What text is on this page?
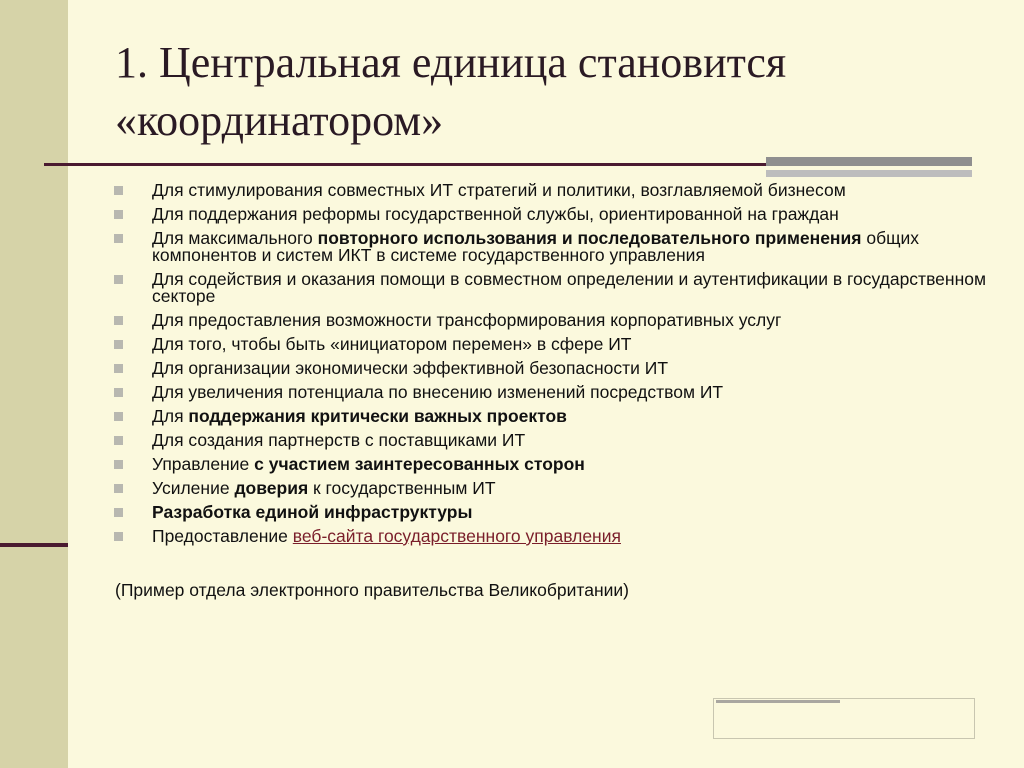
1. Центральная единица становится «координатором»
Для стимулирования совместных ИТ стратегий и политики, возглавляемой бизнесом
Для поддержания реформы государственной службы, ориентированной на граждан
Для максимального повторного использования и последовательного применения общих компонентов и систем ИКТ в системе государственного управления
Для содействия и оказания помощи в совместном определении и аутентификации в государственном секторе
Для предоставления возможности трансформирования корпоративных услуг
Для того, чтобы быть «инициатором перемен» в сфере ИТ
Для организации экономически эффективной безопасности ИТ
Для увеличения потенциала по внесению изменений посредством ИТ
Для поддержания критически важных проектов
Для создания партнерств с поставщиками ИТ
Управление с участием заинтересованных сторон
Усиление доверия к государственным ИТ
Разработка единой инфраструктуры
Предоставление веб-сайта государственного управления

(Пример отдела электронного правительства Великобритании)
